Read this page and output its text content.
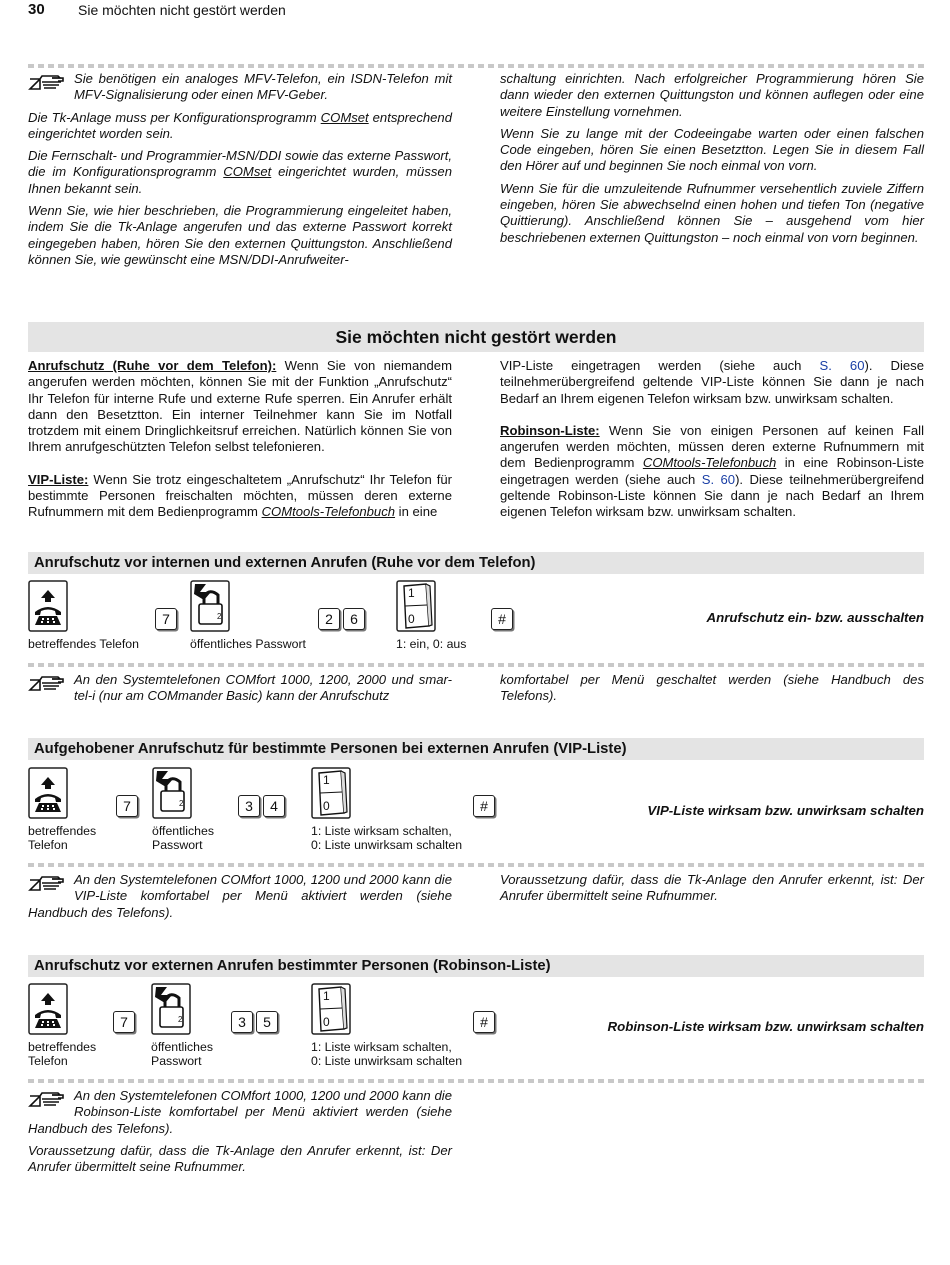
30 Sie möchten nicht gestört werden

Sie benötigen ein analoges MFV-Telefon, ein ISDN-Telefon mit MFV-Signalisierung oder einen MFV-Geber.

Die Tk-Anlage muss per Konfigurationsprogramm COMset entsprechend eingerichtet worden sein.

Die Fernschalt- und Programmier-MSN/DDI sowie das externe Passwort, die im Konfigurationsprogramm COMset eingerichtet wurden, müssen Ihnen bekannt sein.

Wenn Sie, wie hier beschrieben, die Programmierung eingeleitet haben, indem Sie die Tk-Anlage angerufen und das externe Passwort korrekt eingegeben haben, hören Sie den externen Quittungston. Anschließend können Sie, wie gewünscht eine MSN/DDI-Anrufweiter-

schaltung einrichten. Nach erfolgreicher Programmierung hören Sie dann wieder den externen Quittungston und können auflegen oder eine weitere Einstellung vornehmen.

Wenn Sie zu lange mit der Codeeingabe warten oder einen falschen Code eingeben, hören Sie einen Besetztton. Legen Sie in diesem Fall den Hörer auf und beginnen Sie noch einmal von vorn.

Wenn Sie für die umzuleitende Rufnummer versehentlich zuviele Ziffern eingeben, hören Sie abwechselnd einen hohen und tiefen Ton (negative Quittierung). Anschließend können Sie – ausgehend vom hier beschriebenen externen Quittungston – noch einmal von vorn beginnen.

Sie möchten nicht gestört werden

Anrufschutz (Ruhe vor dem Telefon): Wenn Sie von niemandem angerufen werden möchten, können Sie mit der Funktion „Anrufschutz“ Ihr Telefon für interne Rufe und externe Rufe sperren. Ein Anrufer erhält dann den Besetztton. Ein interner Teilnehmer kann Sie im Notfall trotzdem mit einem Dringlichkeitsruf erreichen. Natürlich können Sie von Ihrem anrufgeschützten Telefon selbst telefonieren.

VIP-Liste: Wenn Sie trotz eingeschaltetem „Anrufschutz“ Ihr Telefon für bestimmte Personen freischalten möchten, müssen deren externe Rufnummern mit dem Bedienprogramm COMtools-Telefonbuch in eine

VIP-Liste eingetragen werden (siehe auch S. 60). Diese teilnehmerübergreifend geltende VIP-Liste können Sie dann je nach Bedarf an Ihrem eigenen Telefon wirksam bzw. unwirksam schalten.

Robinson-Liste: Wenn Sie von einigen Personen auf keinen Fall angerufen werden möchten, müssen deren externe Rufnummern mit dem Bedienprogramm COMtools-Telefonbuch in eine Robinson-Liste eingetragen werden (siehe auch S. 60). Diese teilnehmerübergreifend geltende Robinson-Liste können Sie dann je nach Bedarf an Ihrem eigenen Telefon wirksam bzw. unwirksam schalten.

Anrufschutz vor internen und externen Anrufen (Ruhe vor dem Telefon)
7	2	6
1
0	#	Anrufschutz ein- bzw. ausschalten
betreffendes Telefon	öffentliches Passwort	1: ein, 0: aus

An den Systemtelefonen COMfort 1000, 1200, 2000 und smar-tel-i (nur am COMmander Basic) kann der Anrufschutz

komfortabel per Menü geschaltet werden (siehe Handbuch des Telefons).

Aufgehobener Anrufschutz für bestimmte Personen bei externen Anrufen (VIP-Liste)
7	3	4
1
0	#	VIP-Liste wirksam bzw. unwirksam schalten
betreffendes
Telefon
öffentliches
Passwort
1: Liste wirksam schalten,
0: Liste unwirksam schalten

An den Systemtelefonen COMfort 1000, 1200 und 2000 kann die VIP-Liste komfortabel per Menü aktiviert werden (siehe Handbuch des Telefons).

Voraussetzung dafür, dass die Tk-Anlage den Anrufer erkennt, ist: Der Anrufer übermittelt seine Rufnummer.

Anrufschutz vor externen Anrufen bestimmter Personen (Robinson-Liste)
7	3	5
1
0	#	Robinson-Liste wirksam bzw. unwirksam schalten
betreffendes
Telefon
öffentliches
Passwort
1: Liste wirksam schalten,
0: Liste unwirksam schalten

An den Systemtelefonen COMfort 1000, 1200 und 2000 kann die Robinson-Liste komfortabel per Menü aktiviert werden (siehe Handbuch des Telefons).

Voraussetzung dafür, dass die Tk-Anlage den Anrufer erkennt, ist: Der Anrufer übermittelt seine Rufnummer.
